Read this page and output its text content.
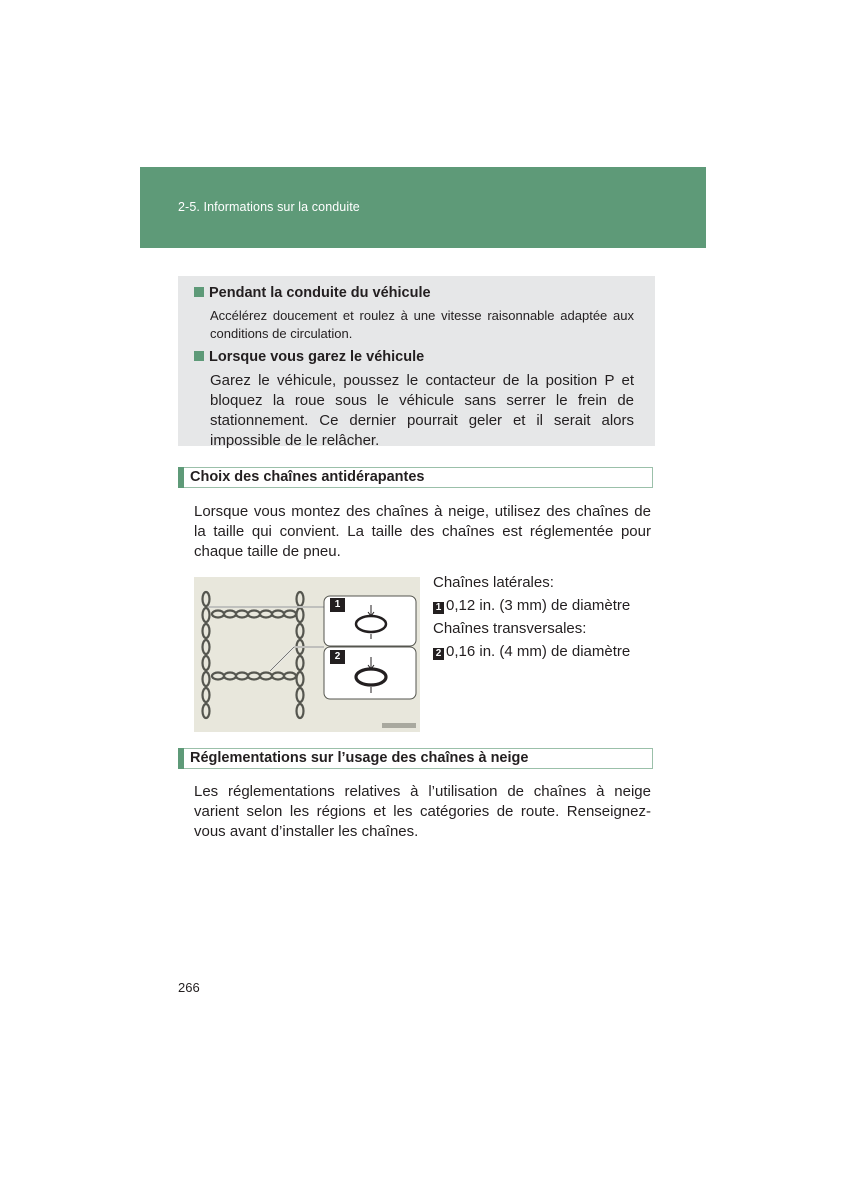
2-5. Informations sur la conduite
Pendant la conduite du véhicule
Accélérez doucement et roulez à une vitesse raisonnable adaptée aux conditions de circulation.
Lorsque vous garez le véhicule
Garez le véhicule, poussez le contacteur de la position P et bloquez la roue sous le véhicule sans serrer le frein de stationnement. Ce dernier pourrait geler et il serait alors impossible de le relâcher.
Choix des chaînes antidérapantes
Lorsque vous montez des chaînes à neige, utilisez des chaînes de la taille qui convient. La taille des chaînes est réglementée pour chaque taille de pneu.
1
2
Chaînes latérales:
1 0,12 in. (3 mm) de diamètre
Chaînes transversales:
2 0,16 in. (4 mm) de diamètre
Réglementations sur l’usage des chaînes à neige
Les réglementations relatives à l’utilisation de chaînes à neige varient selon les régions et les catégories de route. Renseignez-vous avant d’installer les chaînes.
266
